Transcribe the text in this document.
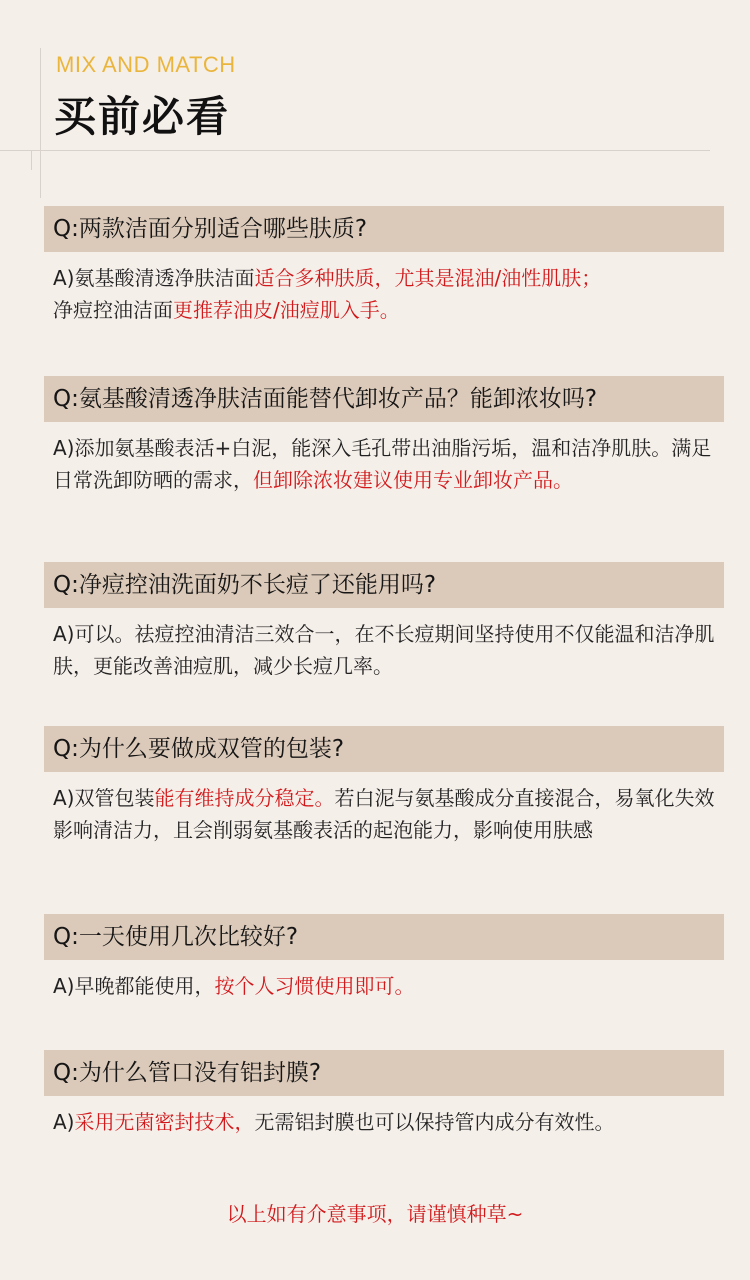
MIX AND MATCH
买前必看
Q:两款洁面分别适合哪些肤质?
A)氨基酸清透净肤洁面适合多种肤质，尤其是混油/油性肌肤；
净痘控油洁面更推荐油皮/油痘肌入手。
Q:氨基酸清透净肤洁面能替代卸妆产品？能卸浓妆吗?
A)添加氨基酸表活+白泥，能深入毛孔带出油脂污垢，温和洁净肌肤。满足日常洗卸防晒的需求，但卸除浓妆建议使用专业卸妆产品。
Q:净痘控油洗面奶不长痘了还能用吗?
A)可以。祛痘控油清洁三效合一，在不长痘期间坚持使用不仅能温和洁净肌肤，更能改善油痘肌，减少长痘几率。
Q:为什么要做成双管的包装?
A)双管包装能有维持成分稳定。若白泥与氨基酸成分直接混合，易氧化失效影响清洁力，且会削弱氨基酸表活的起泡能力，影响使用肤感
Q:一天使用几次比较好?
A)早晚都能使用，按个人习惯使用即可。
Q:为什么管口没有铝封膜?
A)采用无菌密封技术，无需铝封膜也可以保持管内成分有效性。
以上如有介意事项，请谨慎种草~
